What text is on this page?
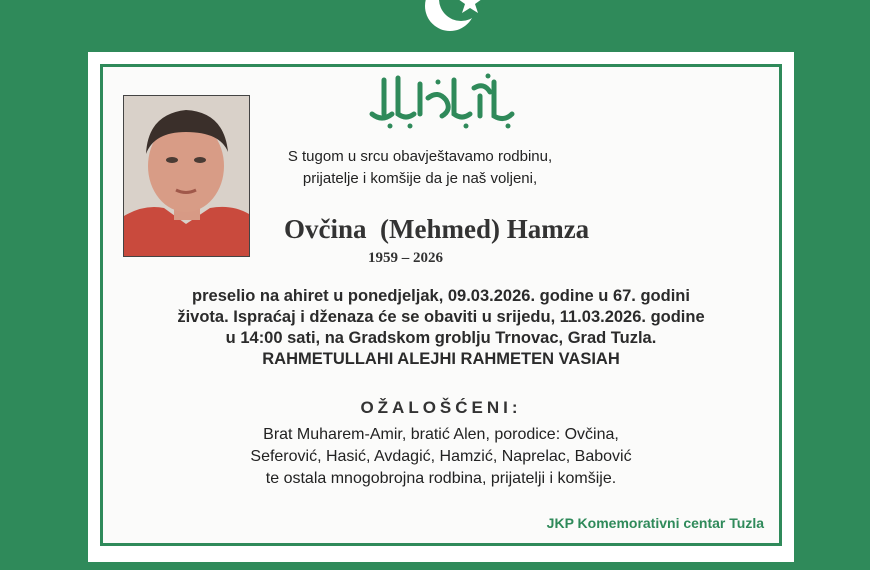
S tugom u srcu obavještavamo rodbinu,
prijatelje i komšije da je naš voljeni,
Ovčina  (Mehmed) Hamza
1959 – 2026
preselio na ahiret u ponedjeljak, 09.03.2026. godine u 67. godini
života. Ispraćaj i dženaza će se obaviti u srijedu, 11.03.2026. godine
u 14:00 sati, na Gradskom groblju Trnovac, Grad Tuzla.
RAHMETULLAHI ALEJHI RAHMETEN VASIAH
OŽALOŠĆENI:
Brat Muharem-Amir, bratić Alen, porodice: Ovčina,
Seferović, Hasić, Avdagić, Hamzić, Naprelac, Babović
te ostala mnogobrojna rodbina, prijatelji i komšije.
JKP Komemorativni centar Tuzla
